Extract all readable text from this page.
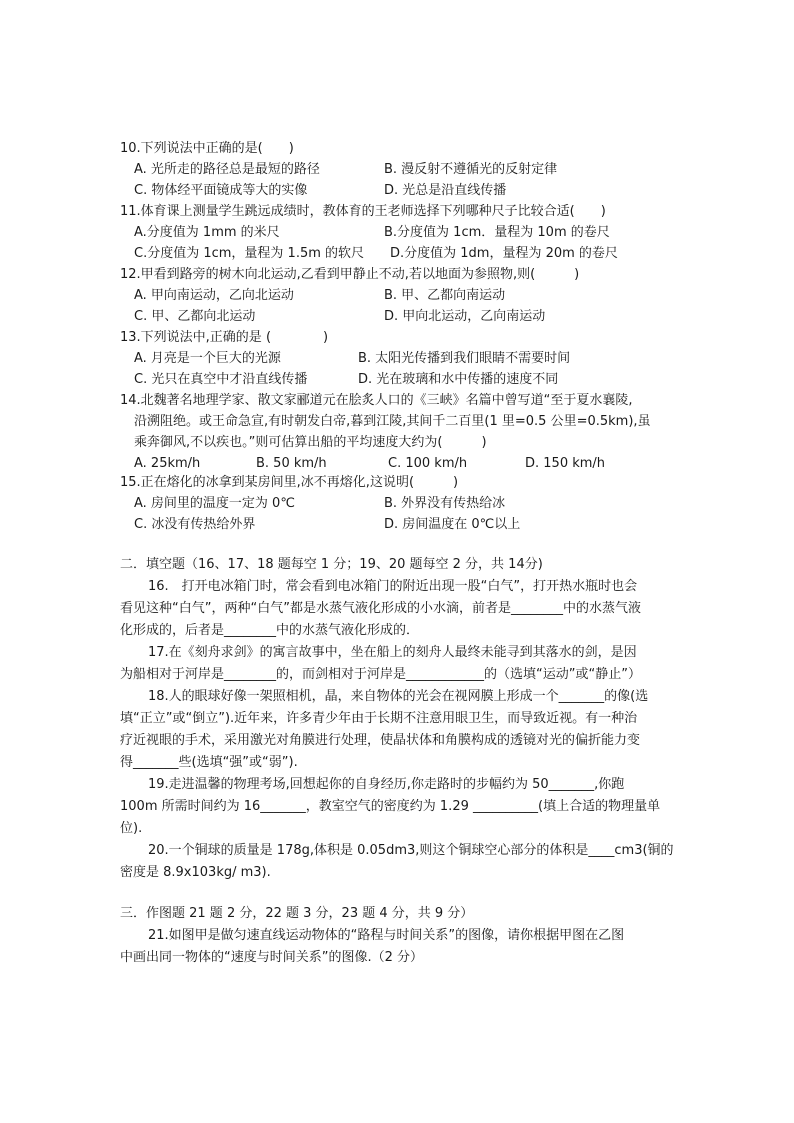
10.下列说法中正确的是(　　)
A. 光所走的路径总是最短的路径	B. 漫反射不遵循光的反射定律
C. 物体经平面镜成等大的实像	D. 光总是沿直线传播
11.体育课上测量学生跳远成绩时，教体育的王老师选择下列哪种尺子比较合适(　　)
A.分度值为 1mm 的米尺	B.分度值为 1cm．量程为 10m 的卷尺
C.分度值为 1cm，量程为 1.5m 的软尺 D.分度值为 1dm，量程为 20m 的卷尺
12.甲看到路旁的树木向北运动,乙看到甲静止不动,若以地面为参照物,则(　　　)
A. 甲向南运动，乙向北运动	B. 甲、乙都向南运动
C. 甲、乙都向北运动	D. 甲向北运动，乙向南运动
13.下列说法中,正确的是 (　　　　)
A. 月亮是一个巨大的光源	B. 太阳光传播到我们眼睛不需要时间
C. 光只在真空中才沿直线传播	D. 光在玻璃和水中传播的速度不同
14.北魏著名地理学家、散文家郦道元在脍炙人口的《三峡》名篇中曾写道“至于夏水襄陵,
沿溯阻绝。或王命急宣,有时朝发白帝,暮到江陵,其间千二百里(1 里=0.5 公里=0.5km),虽
乘奔御风,不以疾也。”则可估算出船的平均速度大约为(　　　)
A. 25km/h	B. 50 km/h	C. 100 km/h	D. 150 km/h
15.正在熔化的冰拿到某房间里,冰不再熔化,这说明(　　　)
A. 房间里的温度一定为 0℃	B. 外界没有传热给冰
C. 冰没有传热给外界	D. 房间温度在 0℃以上
二．填空题（16、17、18 题每空 1 分；19、20 题每空 2 分，共 14分)
16.　打开电冰箱门时，常会看到电冰箱门的附近出现一股“白气”，打开热水瓶时也会
看见这种“白气”，两种“白气”都是水蒸气液化形成的小水滴，前者是________中的水蒸气液
化形成的，后者是________中的水蒸气液化形成的．
17.在《刻舟求剑》的寓言故事中，坐在船上的刻舟人最终未能寻到其落水的剑，是因
为船相对于河岸是________的，而剑相对于河岸是____________的（选填“运动”或“静止”）
18.人的眼球好像一架照相机，晶，来自物体的光会在视网膜上形成一个_______的像(选
填“正立”或“倒立”).近年来，许多青少年由于长期不注意用眼卫生，而导致近视。有一种治
疗近视眼的手术，采用激光对角膜进行处理，使晶状体和角膜构成的透镜对光的偏折能力变
得_______些(选填“强”或“弱”).
19.走进温馨的物理考场,回想起你的自身经历,你走路时的步幅约为 50_______,你跑
100m 所需时间约为 16_______，教室空气的密度约为 1.29 __________(填上合适的物理量单
位).
20.一个铜球的质量是 178g,体积是 0.05dm3,则这个铜球空心部分的体积是____cm3(铜的
密度是 8.9x103kg/ m3).
三．作图题 21 题 2 分，22 题 3 分，23 题 4 分，共 9 分）
21.如图甲是做匀速直线运动物体的“路程与时间关系”的图像，请你根据甲图在乙图
中画出同一物体的“速度与时间关系”的图像.（2 分）
